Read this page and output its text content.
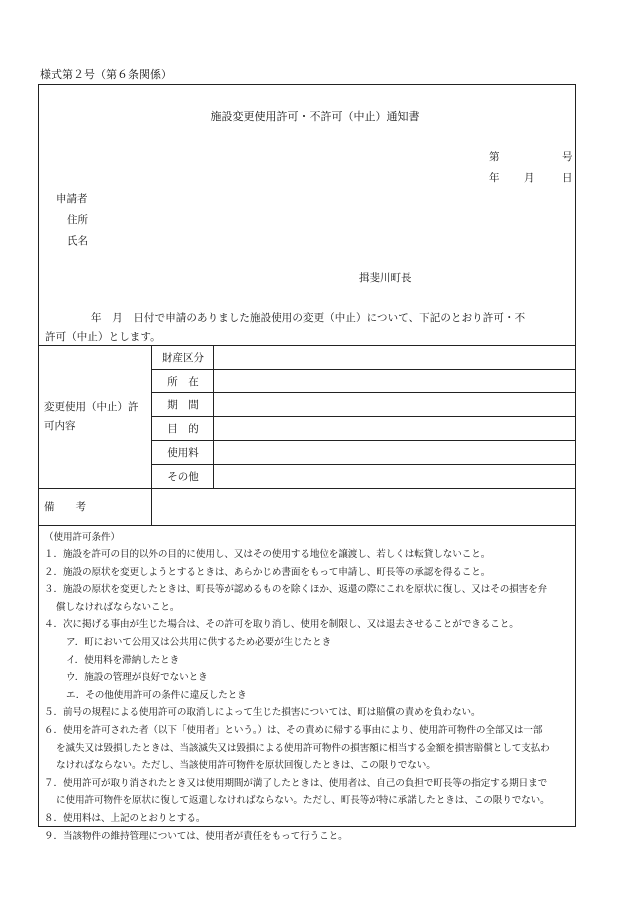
様式第２号（第６条関係）
施設変更使用許可・不許可（中止）通知書
第	号
年 月	日
申請者
住所
氏名
揖斐川町長
年　月　日付で申請のありました施設使用の変更（中止）について、下記のとおり許可・不
許可（中止）とします。
変更使用（中止）許
可内容
財産区分
所　在
期　間
目　的
使用料
その他
備　　考
（使用許可条件）
１．施設を許可の目的以外の目的に使用し、又はその使用する地位を譲渡し、若しくは転貸しないこと。
２．施設の原状を変更しようとするときは、あらかじめ書面をもって申請し、町長等の承認を得ること。
３．施設の原状を変更したときは、町長等が認めるものを除くほか、返還の際にこれを原状に復し、又はその損害を弁
償しなければならないこと。
４．次に掲げる事由が生じた場合は、その許可を取り消し、使用を制限し、又は退去させることができること。
ア．町において公用又は公共用に供するため必要が生じたとき
イ．使用料を滞納したとき
ウ．施設の管理が良好でないとき
エ．その他使用許可の条件に違反したとき
５．前号の規程による使用許可の取消しによって生じた損害については、町は賠償の責めを負わない。
６．使用を許可された者（以下「使用者」という。）は、その責めに帰する事由により、使用許可物件の全部又は一部
を滅失又は毀損したときは、当該滅失又は毀損による使用許可物件の損害額に相当する金額を損害賠償として支払わ
なければならない。ただし、当該使用許可物件を原状回復したときは、この限りでない。
７．使用許可が取り消されたとき又は使用期間が満了したときは、使用者は、自己の負担で町長等の指定する期日まで
に使用許可物件を原状に復して返還しなければならない。ただし、町長等が特に承諾したときは、この限りでない。
８．使用料は、上記のとおりとする。
９．当該物件の維持管理については、使用者が責任をもって行うこと。
